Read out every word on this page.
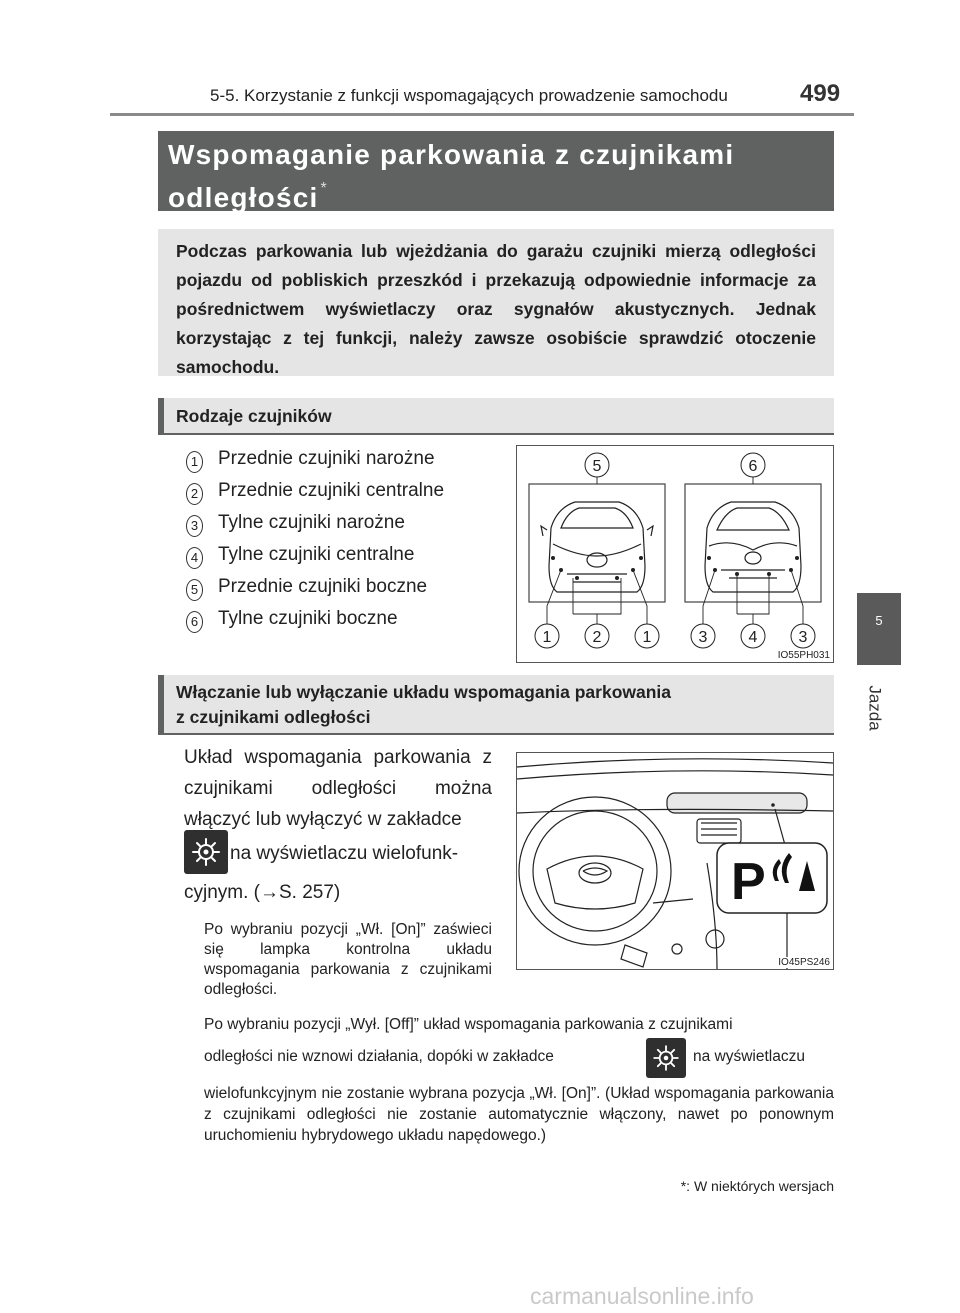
5-5. Korzystanie z funkcji wspomagających prowadzenie samochodu	499
5
Jazda
Wspomaganie parkowania z czujnikami
odległości *
Podczas parkowania lub wjeżdżania do garażu czujniki mierzą odległości pojazdu od pobliskich przeszkód i przekazują odpowiednie informacje za pośrednictwem wyświetlaczy oraz sygnałów akustycznych. Jednak korzystając z tej funkcji, należy zawsze osobiście sprawdzić otoczenie samochodu.
Rodzaje czujników
1 Przednie czujniki narożne
2 Przednie czujniki centralne
3 Tylne czujniki narożne
4 Tylne czujniki centralne
5 Przednie czujniki boczne
6 Tylne czujniki boczne
5	6
1	2	1	3	4	3
IO55PH031
Włączanie lub wyłączanie układu wspomagania parkowania
z czujnikami odległości
Układ wspomagania parkowania z czujnikami odległości można włączyć lub wyłączyć w zakładce
na wyświetlaczu wielofunk-
cyjnym. (→S. 257)
Po wybraniu pozycji „Wł. [On]” zaświeci się lampka kontrolna układu wspomagania parkowania z czujnikami odległości.
P
IO45PS246
Po wybraniu pozycji „Wył. [Off]” układ wspomagania parkowania z czujnikami
odległości nie wznowi działania, dopóki w zakładce	na wyświetlaczu
wielofunkcyjnym nie zostanie wybrana pozycja „Wł. [On]”. (Układ wspomagania parkowania z czujnikami odległości nie zostanie automatycznie włączony, nawet po ponownym uruchomieniu hybrydowego układu napędowego.)
*: W niektórych wersjach
carmanualsonline.info
